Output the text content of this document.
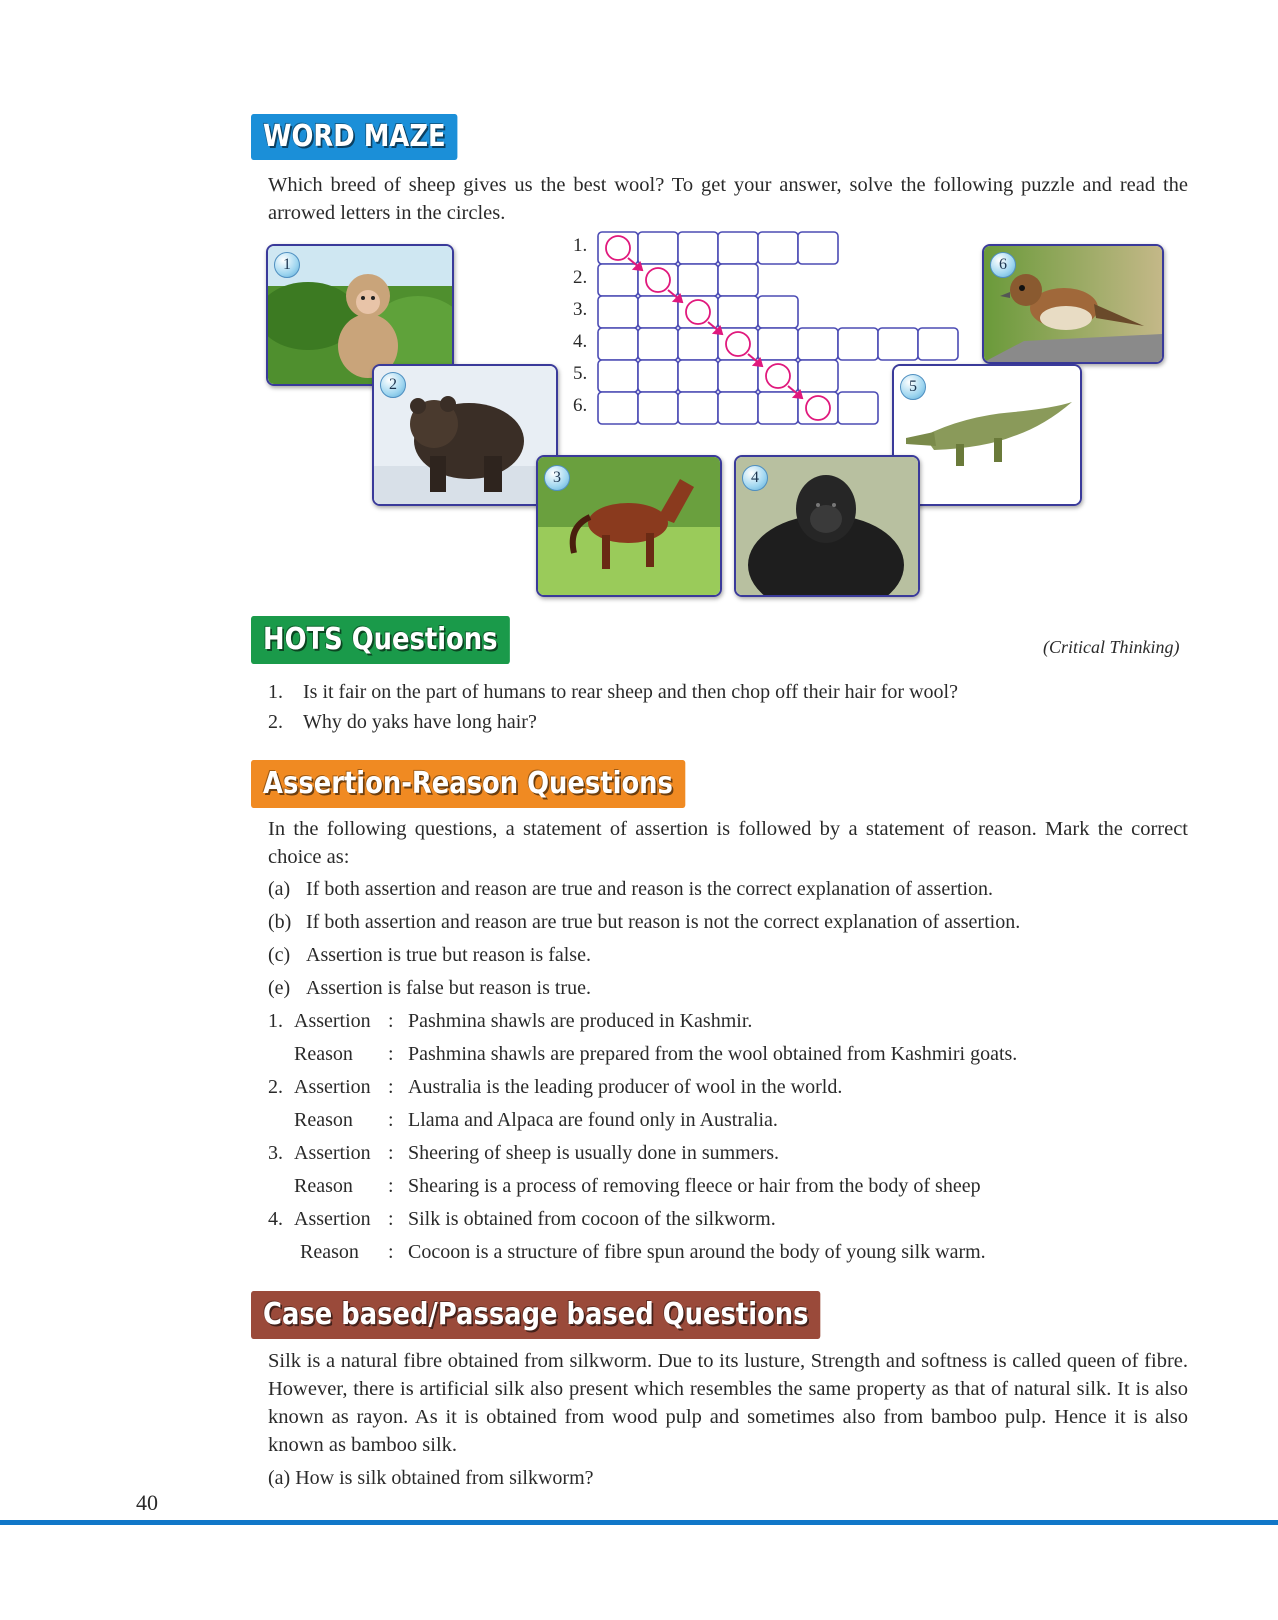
WORD MAZE

Which breed of sheep gives us the best wool? To get your answer, solve the following puzzle and read the arrowed letters in the circles.

1.
2.
3.
4.
5.
6.
1	6
2	5
3	4
HOTS Questions	(Critical Thinking)
1. Is it fair on the part of humans to rear sheep and then chop off their hair for wool?
2. Why do yaks have long hair?
Assertion-Reason Questions

In the following questions, a statement of assertion is followed by a statement of reason. Mark the correct choice as:

(a) If both assertion and reason are true and reason is the correct explanation of assertion.
(b) If both assertion and reason are true but reason is not the correct explanation of assertion.
(c) Assertion is true but reason is false.
(e) Assertion is false but reason is true.
1. Assertion : Pashmina shawls are produced in Kashmir.
Reason : Pashmina shawls are prepared from the wool obtained from Kashmiri goats.
2. Assertion : Australia is the leading producer of wool in the world.
Reason : Llama and Alpaca are found only in Australia.
3. Assertion : Sheering of sheep is usually done in summers.
Reason : Shearing is a process of removing fleece or hair from the body of sheep
4. Assertion : Silk is obtained from cocoon of the silkworm.
Reason : Cocoon is a structure of fibre spun around the body of young silk warm.
Case based/Passage based Questions

Silk is a natural fibre obtained from silkworm. Due to its lusture, Strength and softness is called queen of fibre. However, there is artificial silk also present which resembles the same property as that of natural silk. It is also known as rayon. As it is obtained from wood pulp and sometimes also from bamboo pulp. Hence it is also known as bamboo silk.

(a) How is silk obtained from silkworm?
40
